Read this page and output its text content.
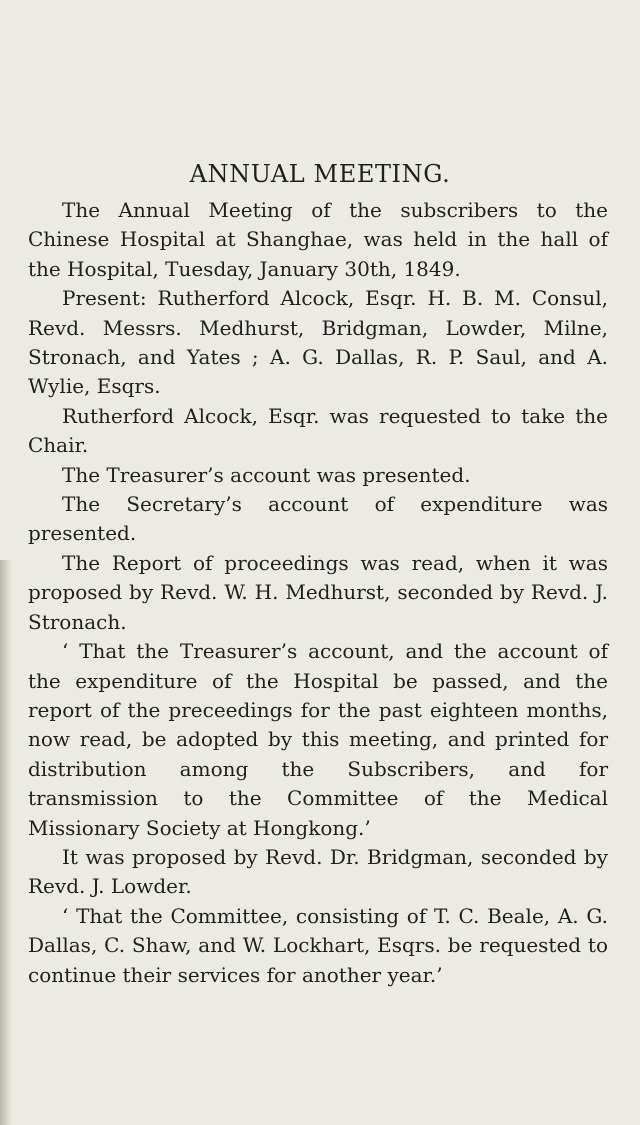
ANNUAL MEETING.

The Annual Meeting of the subscribers to the Chinese Hospital at Shanghae, was held in the hall of the Hospital, Tuesday, January 30th, 1849.

Present: Rutherford Alcock, Esqr. H. B. M. Consul, Revd. Messrs. Medhurst, Bridgman, Lowder, Milne, Stronach, and Yates ; A. G. Dallas, R. P. Saul, and A. Wylie, Esqrs.

Rutherford Alcock, Esqr. was requested to take the Chair.

The Treasurer’s account was presented.

The Secretary’s account of expenditure was presented.

The Report of proceedings was read, when it was proposed by Revd. W. H. Medhurst, seconded by Revd. J. Stronach.

‘ That the Treasurer’s account, and the account of the expenditure of the Hospital be passed, and the report of the preceedings for the past eighteen months, now read, be adopted by this meeting, and printed for distribution among the Subscribers, and for transmission to the Committee of the Medical Missionary Society at Hongkong.’

It was proposed by Revd. Dr. Bridgman, seconded by Revd. J. Lowder.

‘ That the Committee, consisting of T. C. Beale, A. G. Dallas, C. Shaw, and W. Lockhart, Esqrs. be requested to continue their services for another year.’
